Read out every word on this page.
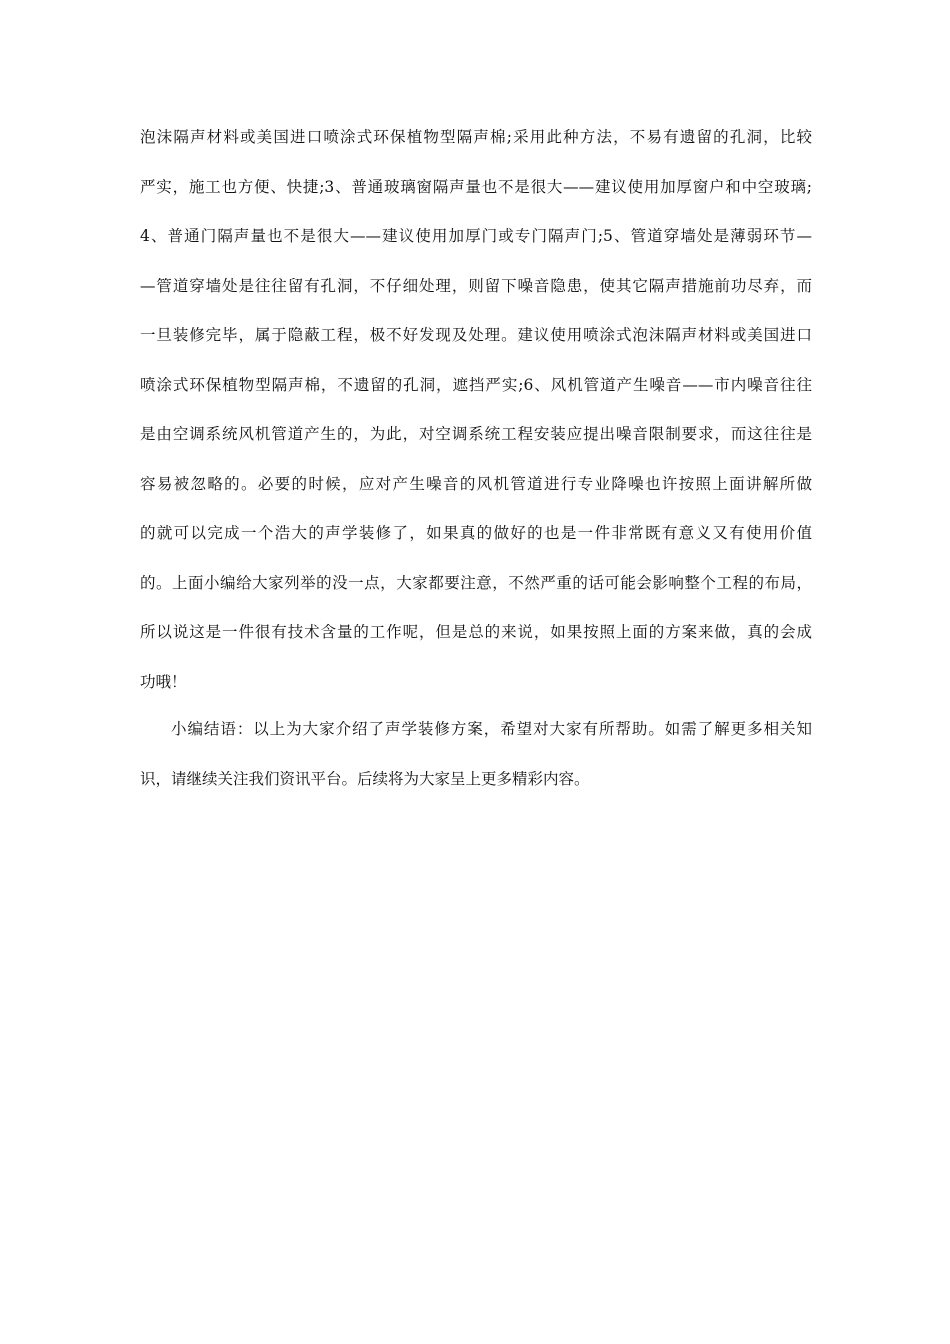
泡沫隔声材料或美国进口喷涂式环保植物型隔声棉;采用此种方法，不易有遗留的孔洞，比较
严实，施工也方便、快捷;3、普通玻璃窗隔声量也不是很大——建议使用加厚窗户和中空玻璃;
4、普通门隔声量也不是很大——建议使用加厚门或专门隔声门;5、管道穿墙处是薄弱环节—
—管道穿墙处是往往留有孔洞，不仔细处理，则留下噪音隐患，使其它隔声措施前功尽弃，而
一旦装修完毕，属于隐蔽工程，极不好发现及处理。建议使用喷涂式泡沫隔声材料或美国进口
喷涂式环保植物型隔声棉，不遗留的孔洞，遮挡严实;6、风机管道产生噪音——市内噪音往往
是由空调系统风机管道产生的，为此，对空调系统工程安装应提出噪音限制要求，而这往往是
容易被忽略的。必要的时候，应对产生噪音的风机管道进行专业降噪也许按照上面讲解所做
的就可以完成一个浩大的声学装修了，如果真的做好的也是一件非常既有意义又有使用价值
的。上面小编给大家列举的没一点，大家都要注意，不然严重的话可能会影响整个工程的布局，
所以说这是一件很有技术含量的工作呢，但是总的来说，如果按照上面的方案来做，真的会成
功哦！
小编结语：以上为大家介绍了声学装修方案，希望对大家有所帮助。如需了解更多相关知
识，请继续关注我们资讯平台。后续将为大家呈上更多精彩内容。
